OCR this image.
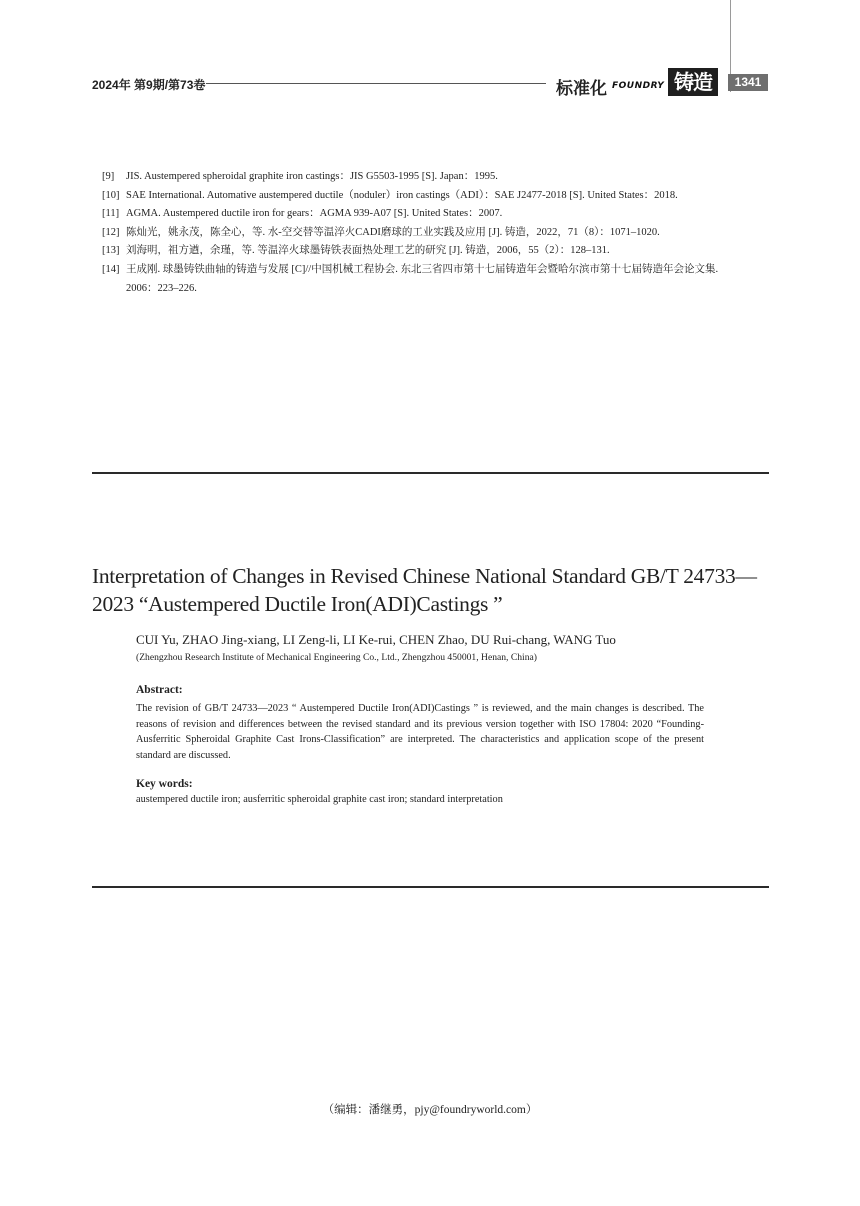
2024年 第9期/第73卷	标准化 FOUNDRY 铸造	1341
[9]	JIS. Austempered spheroidal graphite iron castings：JIS G5503-1995 [S]. Japan：1995.
[10] SAE International. Automative austempered ductile（noduler）iron castings（ADI）：SAE J2477-2018 [S]. United States：2018.
[11] AGMA. Austempered ductile iron for gears：AGMA 939-A07 [S]. United States：2007.
[12] 陈灿光，姚永茂，陈全心，等. 水-空交替等温淬火CADI磨球的工业实践及应用 [J]. 铸造，2022，71（8）：1071–1020.
[13] 刘海明，祖方遒，余瑾，等. 等温淬火球墨铸铁表面热处理工艺的研究 [J]. 铸造，2006，55（2）：128–131.
[14] 王成刚. 球墨铸铁曲轴的铸造与发展 [C]//中国机械工程协会. 东北三省四市第十七届铸造年会暨哈尔滨市第十七届铸造年会论文集.
2006：223–226.
Interpretation of Changes in Revised Chinese National Standard GB/T 24733—
2023 “Austempered Ductile Iron(ADI)Castings ”
CUI Yu, ZHAO Jing-xiang, LI Zeng-li, LI Ke-rui, CHEN Zhao, DU Rui-chang, WANG Tuo
(Zhengzhou Research Institute of Mechanical Engineering Co., Ltd., Zhengzhou 450001, Henan, China)
Abstract:
The revision of GB/T 24733—2023 “ Austempered Ductile Iron(ADI)Castings ” is reviewed, and the main changes is described. The reasons of revision and differences between the revised standard and its previous version together with ISO 17804: 2020 “Founding-Ausferritic Spheroidal Graphite Cast Irons-Classification” are interpreted. The characteristics and application scope of the present standard are discussed.
Key words:
austempered ductile iron; ausferritic spheroidal graphite cast iron; standard interpretation
（编辑：潘继勇，pjy@foundryworld.com）
